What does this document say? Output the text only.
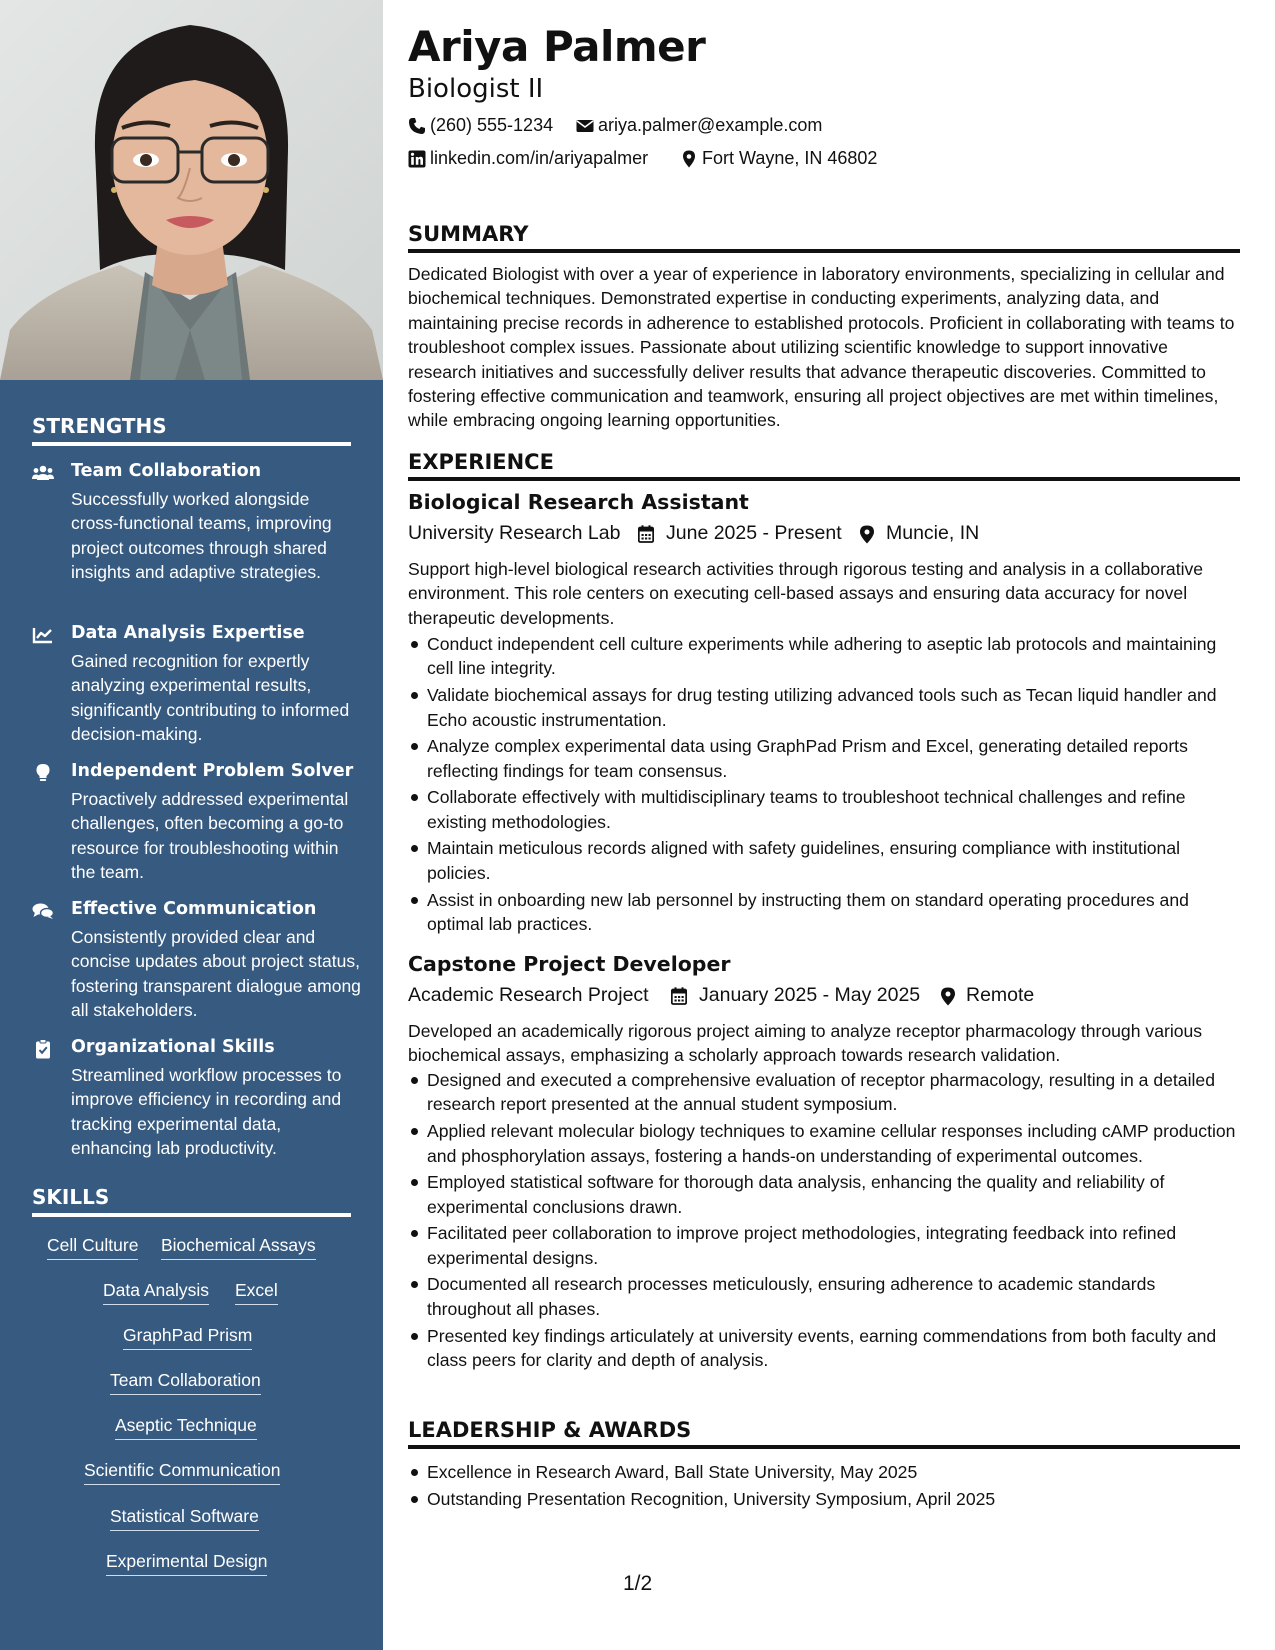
STRENGTHS
Team Collaboration
Successfully worked alongside cross-functional teams, improving project outcomes through shared insights and adaptive strategies.
Data Analysis Expertise
Gained recognition for expertly analyzing experimental results, significantly contributing to informed decision-making.
Independent Problem Solver
Proactively addressed experimental challenges, often becoming a go-to resource for troubleshooting within the team.
Effective Communication
Consistently provided clear and concise updates about project status, fostering transparent dialogue among all stakeholders.
Organizational Skills
Streamlined workflow processes to improve efficiency in recording and tracking experimental data, enhancing lab productivity.
SKILLS
Cell Culture Biochemical Assays
Data Analysis Excel
GraphPad Prism
Team Collaboration
Aseptic Technique
Scientific Communication
Statistical Software
Experimental Design
Ariya Palmer
Biologist II
(260) 555-1234 ariya.palmer@example.com
linkedin.com/in/ariyapalmer	Fort Wayne, IN 46802
SUMMARY
Dedicated Biologist with over a year of experience in laboratory environments, specializing in cellular and biochemical techniques. Demonstrated expertise in conducting experiments, analyzing data, and maintaining precise records in adherence to established protocols. Proficient in collaborating with teams to troubleshoot complex issues. Passionate about utilizing scientific knowledge to support innovative research initiatives and successfully deliver results that advance therapeutic discoveries. Committed to fostering effective communication and teamwork, ensuring all project objectives are met within timelines, while embracing ongoing learning opportunities.
EXPERIENCE
Biological Research Assistant
University Research Lab June 2025 - Present Muncie, IN
Support high-level biological research activities through rigorous testing and analysis in a collaborative environment. This role centers on executing cell-based assays and ensuring data accuracy for novel therapeutic developments.
Conduct independent cell culture experiments while adhering to aseptic lab protocols and maintaining cell line integrity.
Validate biochemical assays for drug testing utilizing advanced tools such as Tecan liquid handler and Echo acoustic instrumentation.
Analyze complex experimental data using GraphPad Prism and Excel, generating detailed reports reflecting findings for team consensus.
Collaborate effectively with multidisciplinary teams to troubleshoot technical challenges and refine existing methodologies.
Maintain meticulous records aligned with safety guidelines, ensuring compliance with institutional policies.
Assist in onboarding new lab personnel by instructing them on standard operating procedures and optimal lab practices.
Capstone Project Developer
Academic Research Project	January 2025 - May 2025 Remote
Developed an academically rigorous project aiming to analyze receptor pharmacology through various biochemical assays, emphasizing a scholarly approach towards research validation.
Designed and executed a comprehensive evaluation of receptor pharmacology, resulting in a detailed research report presented at the annual student symposium.
Applied relevant molecular biology techniques to examine cellular responses including cAMP production and phosphorylation assays, fostering a hands-on understanding of experimental outcomes.
Employed statistical software for thorough data analysis, enhancing the quality and reliability of experimental conclusions drawn.
Facilitated peer collaboration to improve project methodologies, integrating feedback into refined experimental designs.
Documented all research processes meticulously, ensuring adherence to academic standards throughout all phases.
Presented key findings articulately at university events, earning commendations from both faculty and class peers for clarity and depth of analysis.
LEADERSHIP & AWARDS
Excellence in Research Award, Ball State University, May 2025
Outstanding Presentation Recognition, University Symposium, April 2025
1/2
